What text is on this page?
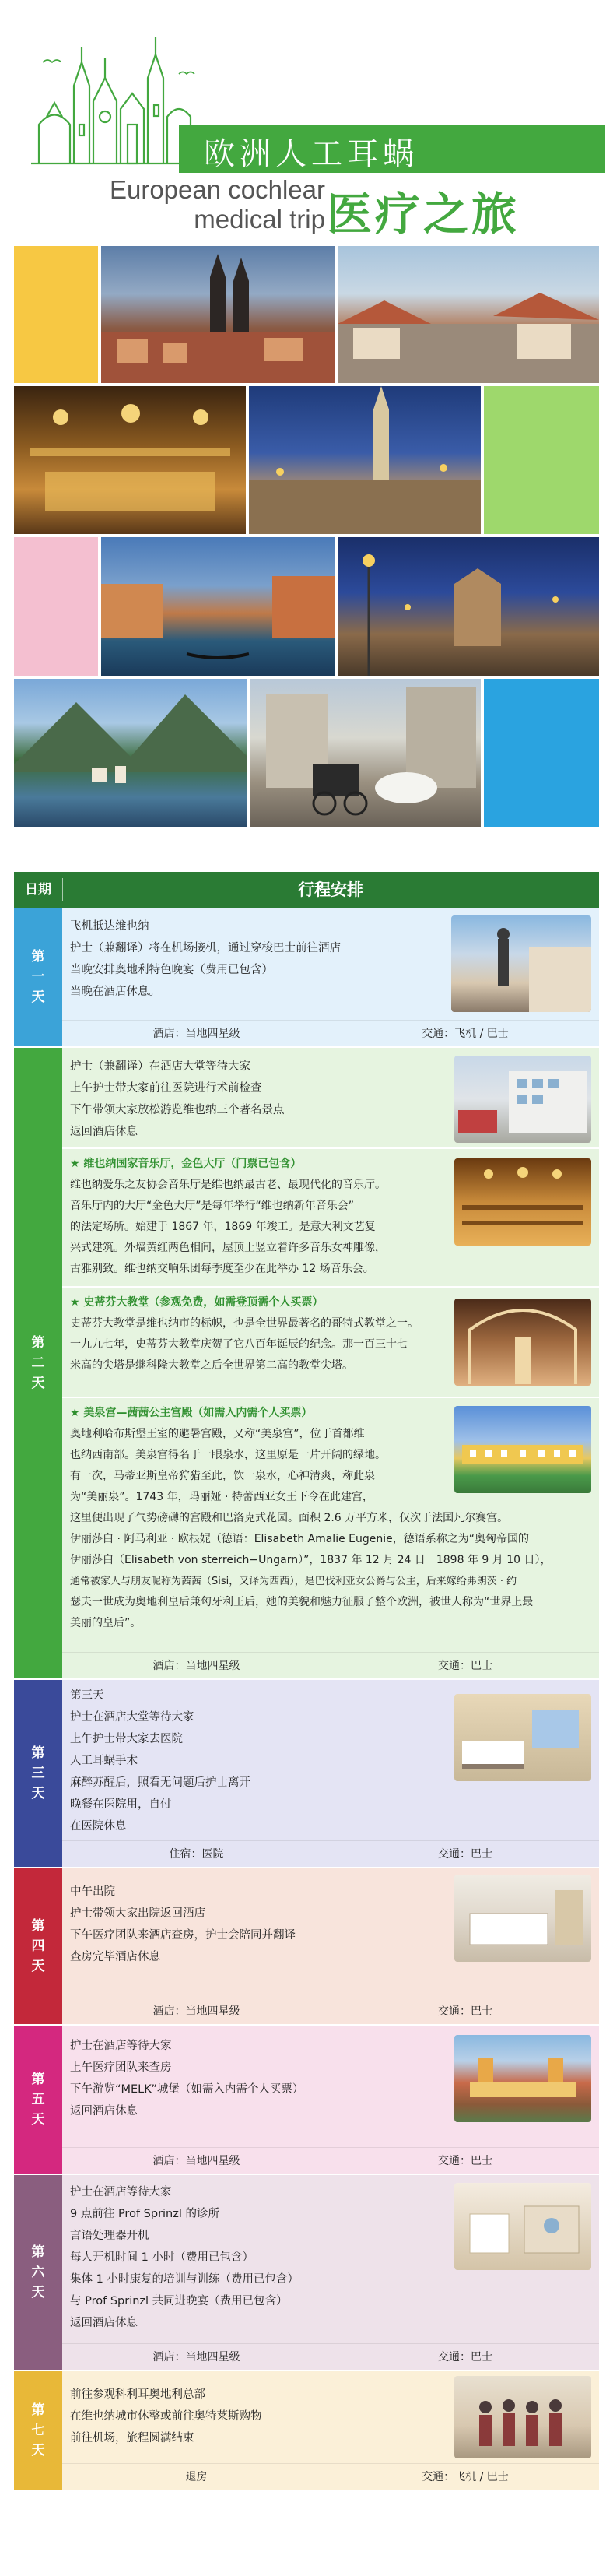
欧洲人工耳蜗
European cochlear
medical trip 医疗之旅
日期	行程安排
第
一
天
飞机抵达维也纳
护士（兼翻译）将在机场接机，通过穿梭巴士前往酒店
当晚安排奥地利特色晚宴（费用已包含）
当晚在酒店休息。
酒店：当地四星级	交通：飞机 / 巴士
第
二
天
护士（兼翻译）在酒店大堂等待大家
上午护士带大家前往医院进行术前检查
下午带领大家放松游览维也纳三个著名景点
返回酒店休息
★ 维也纳国家音乐厅，金色大厅（门票已包含）
维也纳爱乐之友协会音乐厅是维也纳最古老、最现代化的音乐厅。
音乐厅内的大厅“金色大厅”是每年举行“维也纳新年音乐会”
的法定场所。始建于 1867 年，1869 年竣工。是意大利文艺复
兴式建筑。外墙黄红两色相间，屋顶上竖立着许多音乐女神雕像，
古雅别致。维也纳交响乐团每季度至少在此举办 12 场音乐会。
★ 史蒂芬大教堂（参观免费，如需登顶需个人买票）
史蒂芬大教堂是维也纳市的标帜，也是全世界最著名的哥特式教堂之一。
一九九七年，史蒂芬大教堂庆贺了它八百年诞辰的纪念。那一百三十七
米高的尖塔是继科隆大教堂之后全世界第二高的教堂尖塔。
★ 美泉宫—茜茜公主宫殿（如需入内需个人买票）
奥地利哈布斯堡王室的避暑宫殿，又称“美泉宫”，位于首都维
也纳西南部。美泉宫得名于一眼泉水，这里原是一片开阔的绿地。
有一次，马蒂亚斯皇帝狩猎至此，饮一泉水，心神清爽，称此泉
为“美丽泉”。1743 年，玛丽娅 · 特蕾西亚女王下令在此建宫，
这里便出现了气势磅礴的宫殿和巴洛克式花园。面积 2.6 万平方米，仅次于法国凡尔赛宫。
伊丽莎白 · 阿马利亚 · 欧根妮（德语：Elisabeth Amalie Eugenie，德语系称之为“奥匈帝国的
伊丽莎白（Elisabeth von sterreich−Ungarn）”，1837 年 12 月 24 日－1898 年 9 月 10 日），
通常被家人与朋友昵称为茜茜（Sisi，又译为西西），是巴伐利亚女公爵与公主，后来嫁给弗朗茨 · 约
瑟夫一世成为奥地利皇后兼匈牙利王后，她的美貌和魅力征服了整个欧洲，被世人称为“世界上最
美丽的皇后”。
酒店：当地四星级	交通：巴士
第
三
天
第三天
护士在酒店大堂等待大家
上午护士带大家去医院
人工耳蜗手术
麻醉苏醒后，照看无问题后护士离开
晚餐在医院用，自付
在医院休息
住宿：医院	交通：巴士
第
四
天
中午出院
护士带领大家出院返回酒店
下午医疗团队来酒店查房，护士会陪同并翻译
查房完毕酒店休息
酒店：当地四星级	交通：巴士
第
五
天
护士在酒店等待大家
上午医疗团队来查房
下午游览“MELK”城堡（如需入内需个人买票）
返回酒店休息
酒店：当地四星级	交通：巴士
第
六
天
护士在酒店等待大家
9 点前往 Prof Sprinzl 的诊所
言语处理器开机
每人开机时间 1 小时（费用已包含）
集体 1 小时康复的培训与训练（费用已包含）
与 Prof Sprinzl 共同进晚宴（费用已包含）
返回酒店休息
酒店：当地四星级	交通：巴士
第
七
天
前往参观科利耳奥地利总部
在维也纳城市休整或前往奥特莱斯购物
前往机场，旅程圆满结束
退房	交通：飞机 / 巴士
